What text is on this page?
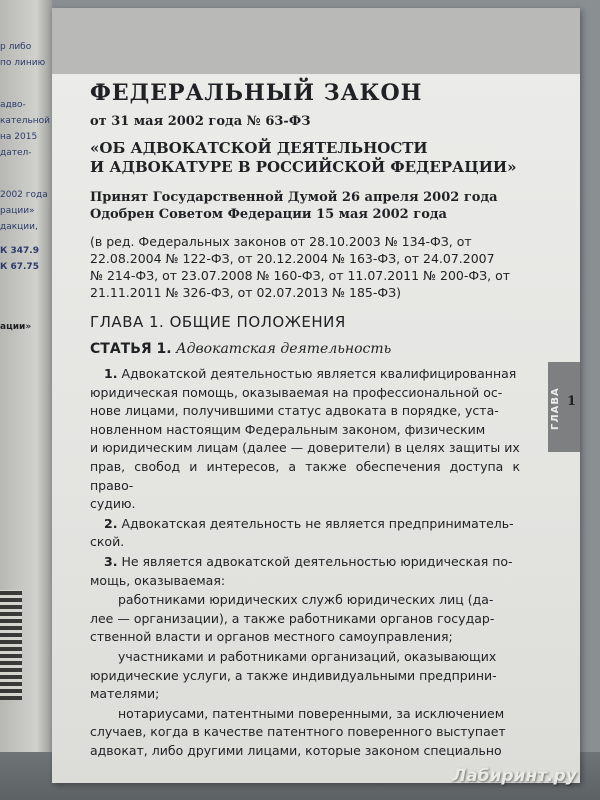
р либо
по линию
адво-
кательной
на 2015
дател-
2002 года
рации»
дакции,
К 347.9
К 67.75
ации»
ФЕДЕРАЛЬНЫЙ ЗАКОН
от 31 мая 2002 года № 63-ФЗ
«ОБ АДВОКАТСКОЙ ДЕЯТЕЛЬНОСТИ
И АДВОКАТУРЕ В РОССИЙСКОЙ ФЕДЕРАЦИИ»
Принят Государственной Думой 26 апреля 2002 года
Одобрен Советом Федерации 15 мая 2002 года
(в ред. Федеральных законов от 28.10.2003 № 134-ФЗ, от
22.08.2004 № 122-ФЗ, от 20.12.2004 № 163-ФЗ, от 24.07.2007
№ 214-ФЗ, от 23.07.2008 № 160-ФЗ, от 11.07.2011 № 200-ФЗ, от
21.11.2011 № 326-ФЗ, от 02.07.2013 № 185-ФЗ)
ГЛАВА 1. ОБЩИЕ ПОЛОЖЕНИЯ
СТАТЬЯ 1. Адвокатская деятельность
1. Адвокатской деятельностью является квалифицированная
юридическая помощь, оказываемая на профессиональной ос-
нове лицами, получившими статус адвоката в порядке, уста-
новленном настоящим Федеральным законом, физическим
и юридическим лицам (далее — доверители) в целях защиты их
прав, свобод и интересов, а также обеспечения доступа к право-
судию.
2. Адвокатская деятельность не является предприниматель-
ской.
3. Не является адвокатской деятельностью юридическая по-
мощь, оказываемая:
работниками юридических служб юридических лиц (да-
лее — организации), а также работниками органов государ-
ственной власти и органов местного самоуправления;
участниками и работниками организаций, оказывающих
юридические услуги, а также индивидуальными предприни-
мателями;
нотариусами, патентными поверенными, за исключением
случаев, когда в качестве патентного поверенного выступает
адвокат, либо другими лицами, которые законом специально
ГЛАВА 1
Лабиринт.ру
